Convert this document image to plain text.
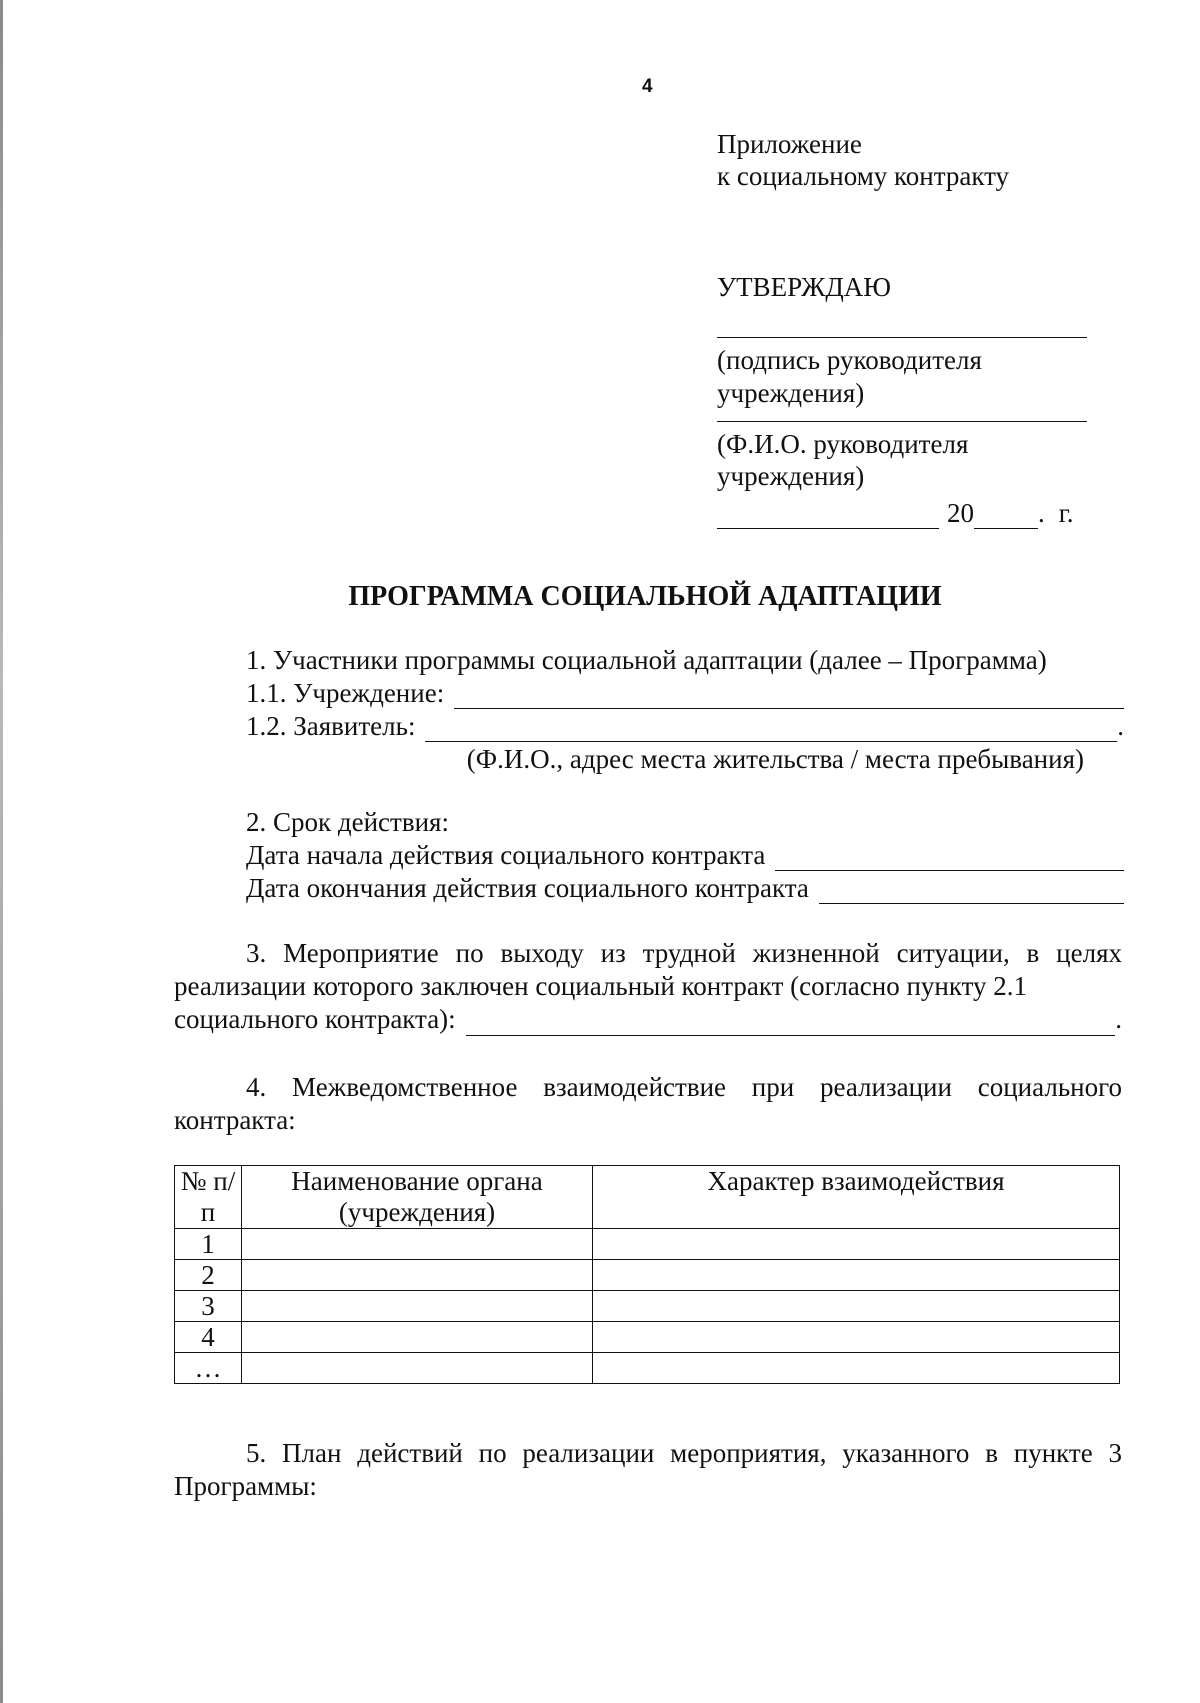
4
Приложение
к социальному контракту
УТВЕРЖДАЮ
(подпись руководителя
учреждения)
(Ф.И.О. руководителя
учреждения)
20 . г.
ПРОГРАММА СОЦИАЛЬНОЙ АДАПТАЦИИ
1. Участники программы социальной адаптации (далее – Программа)
1.1. Учреждение:
1.2. Заявитель:	.
(Ф.И.О., адрес места жительства / места пребывания)
2. Срок действия:
Дата начала действия социального контракта
Дата окончания действия социального контракта
3. Мероприятие по выходу из трудной жизненной ситуации, в целях реализации которого заключен социальный контракт (согласно пункту 2.1
социального контракта):	.
4. Межведомственное взаимодействие при реализации социального контракта:
№ п/п	Наименование органа (учреждения)	Характер взаимодействия
1		
2		
3		
4		
…		
5. План действий по реализации мероприятия, указанного в пункте 3 Программы:
